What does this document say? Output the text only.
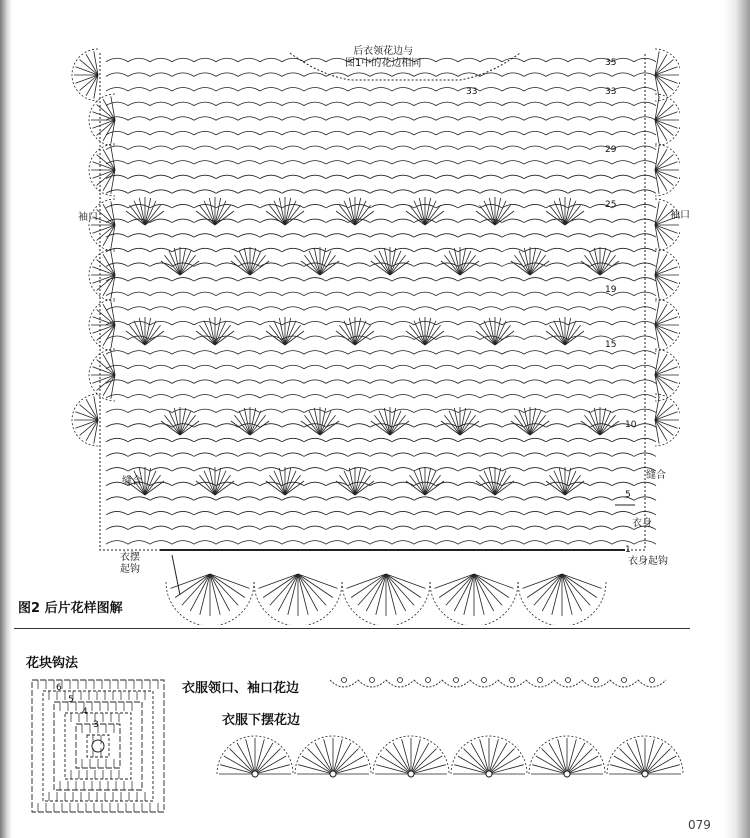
后衣领花边与
图1中的花边相同
袖口	袖口
缝合
缝合
衣摆
起钩
衣身
衣身起钩
35
33	33
29
25
19
15
10
5
1
图2 后片花样图解
花块钩法
6
5
4
3
衣服领口、袖口花边
衣服下摆花边
079
